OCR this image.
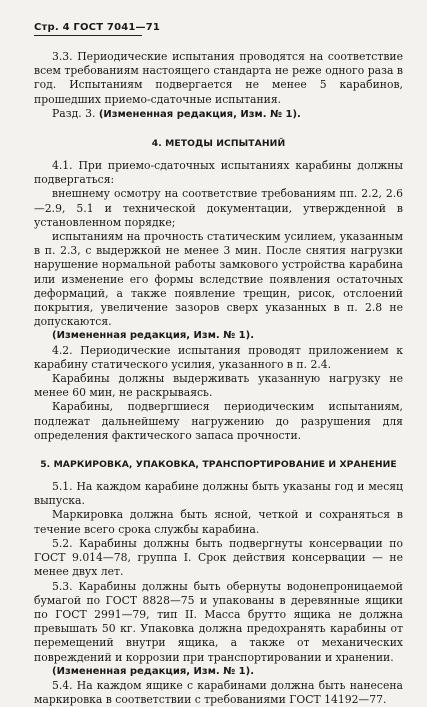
Стр. 4 ГОСТ 7041—71

3.3. Периодические испытания проводятся на соответствие всем требованиям настоящего стандарта не реже одного раза в год. Испытаниям подвергается не менее 5 карабинов, прошедших приемо-сдаточные испытания.

Разд. 3. (Измененная редакция, Изм. № 1).

4. МЕТОДЫ ИСПЫТАНИЙ

4.1. При приемо-сдаточных испытаниях карабины должны подвергаться:

внешнему осмотру на соответствие требованиям пп. 2.2, 2.6—2.9, 5.1 и технической документации, утвержденной в установленном порядке;

испытаниям на прочность статическим усилием, указанным в п. 2.3, с выдержкой не менее 3 мин. После снятия нагрузки нарушение нормальной работы замкового устройства карабина или изменение его формы вследствие появления остаточных деформаций, а также появление трещин, рисок, отслоений покрытия, увеличение зазоров сверх указанных в п. 2.8 не допускаются.

(Измененная редакция, Изм. № 1).

4.2. Периодические испытания проводят приложением к карабину статического усилия, указанного в п. 2.4.

Карабины должны выдерживать указанную нагрузку не менее 60 мин, не раскрываясь.

Карабины, подвергшиеся периодическим испытаниям, подлежат дальнейшему нагружению до разрушения для определения фактического запаса прочности.

5. МАРКИРОВКА, УПАКОВКА, ТРАНСПОРТИРОВАНИЕ И ХРАНЕНИЕ

5.1. На каждом карабине должны быть указаны год и месяц выпуска.

Маркировка должна быть ясной, четкой и сохраняться в течение всего срока службы карабина.

5.2. Карабины должны быть подвергнуты консервации по ГОСТ 9.014—78, группа I. Срок действия консервации — не менее двух лет.

5.3. Карабины должны быть обернуты водонепроницаемой бумагой по ГОСТ 8828—75 и упакованы в деревянные ящики по ГОСТ 2991—79, тип II. Масса брутто ящика не должна превышать 50 кг. Упаковка должна предохранять карабины от перемещений внутри ящика, а также от механических повреждений и коррозии при транспортировании и хранении.

(Измененная редакция, Изм. № 1).

5.4. На каждом ящике с карабинами должна быть нанесена маркировка в соответствии с требованиями ГОСТ 14192—77.
